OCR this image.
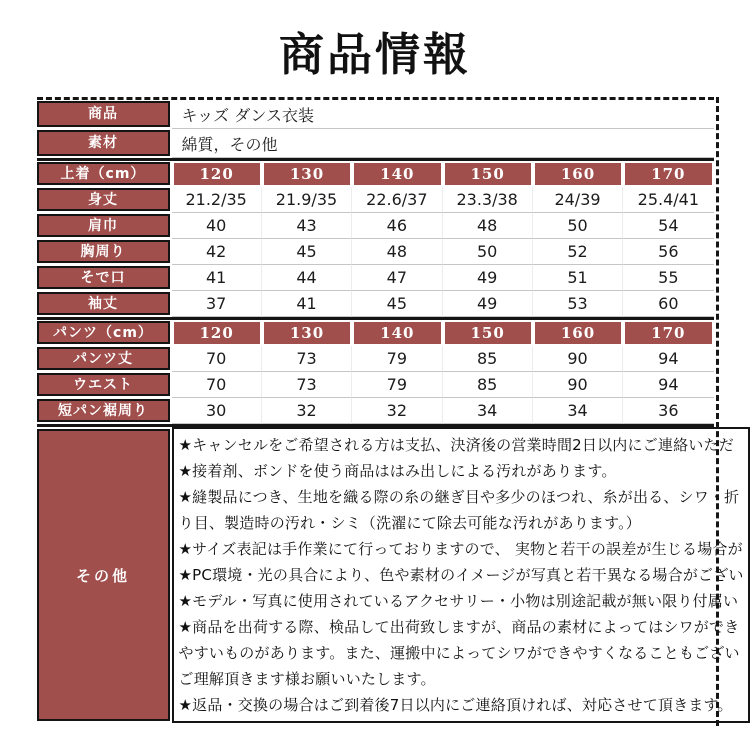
商品情報
商品	キッズ ダンス衣装
素材	綿質，その他
上着（cm）	120	130	140	150	160	170
身丈	21.2/35	21.9/35	22.6/37	23.3/38	24/39	25.4/41
肩巾	40	43	46	48	50	54
胸周り	42	45	48	50	52	56
そで口	41	44	47	49	51	55
袖丈	37	41	45	49	53	60
パンツ（cm）	120	130	140	150	160	170
パンツ丈	70	73	79	85	90	94
ウエスト	70	73	79	85	90	94
短パン裾周り	30	32	32	34	34	36
その他
★キャンセルをご希望される方は支払、決済後の営業時間2日以内にご連絡いただ
★接着剤、ボンドを使う商品ははみ出しによる汚れがあります。
★縫製品につき、生地を織る際の糸の継ぎ目や多少のほつれ、糸が出る、シワ・折
り目、製造時の汚れ・シミ（洗濯にて除去可能な汚れがあります。）
★サイズ表記は手作業にて行っておりますので、 実物と若干の誤差が生じる場合が
★PC環境・光の具合により、色や素材のイメージが写真と若干異なる場合がござい
★モデル・写真に使用されているアクセサリー・小物は別途記載が無い限り付属い
★商品を出荷する際、検品して出荷致しますが、商品の素材によってはシワができ
やすいものがあります。また、運搬中によってシワができやすくなることもござい
ご理解頂きます様お願いいたします。
★返品・交換の場合はご到着後7日以内にご連絡頂ければ、対応させて頂きます。
